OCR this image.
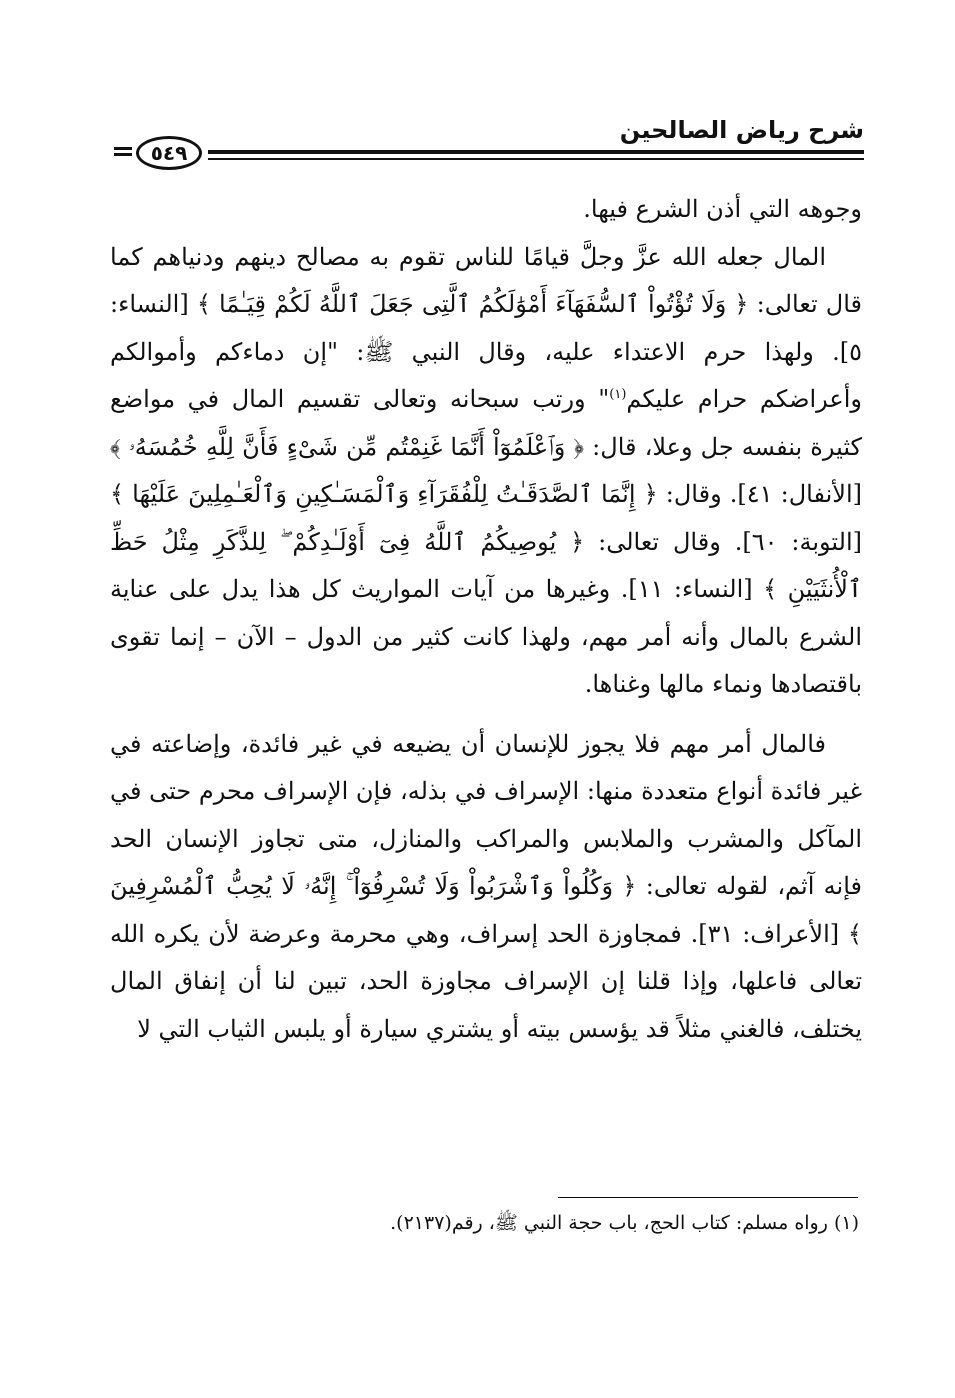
شرح رياض الصالحين
٥٤٩

وجوهه التي أذن الشرع فيها.

المال جعله الله عزَّ وجلَّ قيامًا للناس تقوم به مصالح دينهم ودنياهم كما قال تعالى: ﴿ وَلَا تُؤْتُواْ ٱلسُّفَهَآءَ أَمْوَٰلَكُمُ ٱلَّتِى جَعَلَ ٱللَّهُ لَكُمْ قِيَـٰمًا ﴾ [النساء: ٥]. ولهذا حرم الاعتداء عليه، وقال النبي ﷺ: "إن دماءكم وأموالكم وأعراضكم حرام عليكم$^{(١)}$" ورتب سبحانه وتعالى تقسيم المال في مواضع كثيرة بنفسه جل وعلا، قال: ﴿ وَٱعْلَمُوٓاْ أَنَّمَا غَنِمْتُم مِّن شَىْءٍ فَأَنَّ لِلَّهِ خُمُسَهُۥ ﴾ [الأنفال: ٤١]. وقال: ﴿ إِنَّمَا ٱلصَّدَقَـٰتُ لِلْفُقَرَآءِ وَٱلْمَسَـٰكِينِ وَٱلْعَـٰمِلِينَ عَلَيْهَا ﴾ [التوبة: ٦٠]. وقال تعالى: ﴿ يُوصِيكُمُ ٱللَّهُ فِىٓ أَوْلَـٰدِكُمْ ۖ لِلذَّكَرِ مِثْلُ حَظِّ ٱلْأُنثَيَيْنِ ﴾ [النساء: ١١]. وغيرها من آيات المواريث كل هذا يدل على عناية الشرع بالمال وأنه أمر مهم، ولهذا كانت كثير من الدول – الآن – إنما تقوى باقتصادها ونماء مالها وغناها.

فالمال أمر مهم فلا يجوز للإنسان أن يضيعه في غير فائدة، وإضاعته في غير فائدة أنواع متعددة منها: الإسراف في بذله، فإن الإسراف محرم حتى في المآكل والمشرب والملابس والمراكب والمنازل، متى تجاوز الإنسان الحد فإنه آثم، لقوله تعالى: ﴿ وَكُلُواْ وَٱشْرَبُواْ وَلَا تُسْرِفُوٓاْ ۚ إِنَّهُۥ لَا يُحِبُّ ٱلْمُسْرِفِينَ ﴾ [الأعراف: ٣١]. فمجاوزة الحد إسراف، وهي محرمة وعرضة لأن يكره الله تعالى فاعلها، وإذا قلنا إن الإسراف مجاوزة الحد، تبين لنا أن إنفاق المال يختلف، فالغني مثلاً قد يؤسس بيته أو يشتري سيارة أو يلبس الثياب التي لا

(١) رواه مسلم: كتاب الحج، باب حجة النبي ﷺ، رقم(٢١٣٧).
